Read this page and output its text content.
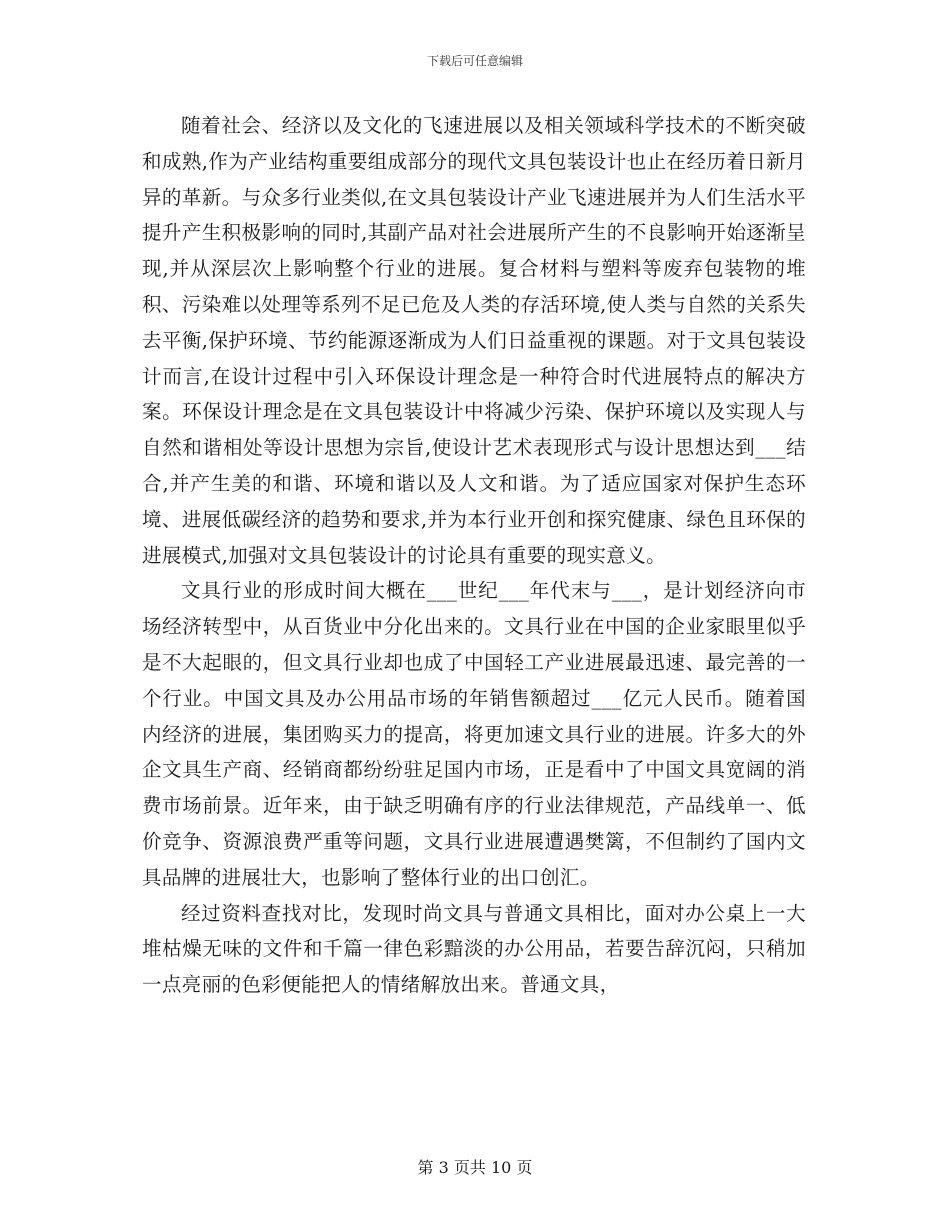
下载后可任意编辑

随着社会、经济以及文化的飞速进展以及相关领域科学技术的不断突破和成熟,作为产业结构重要组成部分的现代文具包装设计也止在经历着日新月异的革新。与众多行业类似,在文具包装设计产业飞速进展并为人们生活水平提升产生积极影响的同时,其副产品对社会进展所产生的不良影响开始逐渐呈现,并从深层次上影响整个行业的进展。复合材料与塑料等废弃包装物的堆积、污染难以处理等系列不足已危及人类的存活环境,使人类与自然的关系失去平衡,保护环境、节约能源逐渐成为人们日益重视的课题。对于文具包装设计而言,在设计过程中引入环保设计理念是一种符合时代进展特点的解决方案。环保设计理念是在文具包装设计中将减少污染、保护环境以及实现人与自然和谐相处等设计思想为宗旨,使设计艺术表现形式与设计思想达到___结合,并产生美的和谐、环境和谐以及人文和谐。为了适应国家对保护生态环境、进展低碳经济的趋势和要求,并为本行业开创和探究健康、绿色且环保的进展模式,加强对文具包装设计的讨论具有重要的现实意义。

文具行业的形成时间大概在___世纪___年代末与___，是计划经济向市场经济转型中，从百货业中分化出来的。文具行业在中国的企业家眼里似乎是不大起眼的，但文具行业却也成了中国轻工产业进展最迅速、最完善的一个行业。中国文具及办公用品市场的年销售额超过___亿元人民币。随着国内经济的进展，集团购买力的提高，将更加速文具行业的进展。许多大的外企文具生产商、经销商都纷纷驻足国内市场，正是看中了中国文具宽阔的消费市场前景。近年来，由于缺乏明确有序的行业法律规范，产品线单一、低价竞争、资源浪费严重等问题，文具行业进展遭遇樊篱，不但制约了国内文具品牌的进展壮大，也影响了整体行业的出口创汇。

经过资料查找对比，发现时尚文具与普通文具相比，面对办公桌上一大堆枯燥无味的文件和千篇一律色彩黯淡的办公用品，若要告辞沉闷，只稍加一点亮丽的色彩便能把人的情绪解放出来。普通文具，

第 3 页共 10 页
